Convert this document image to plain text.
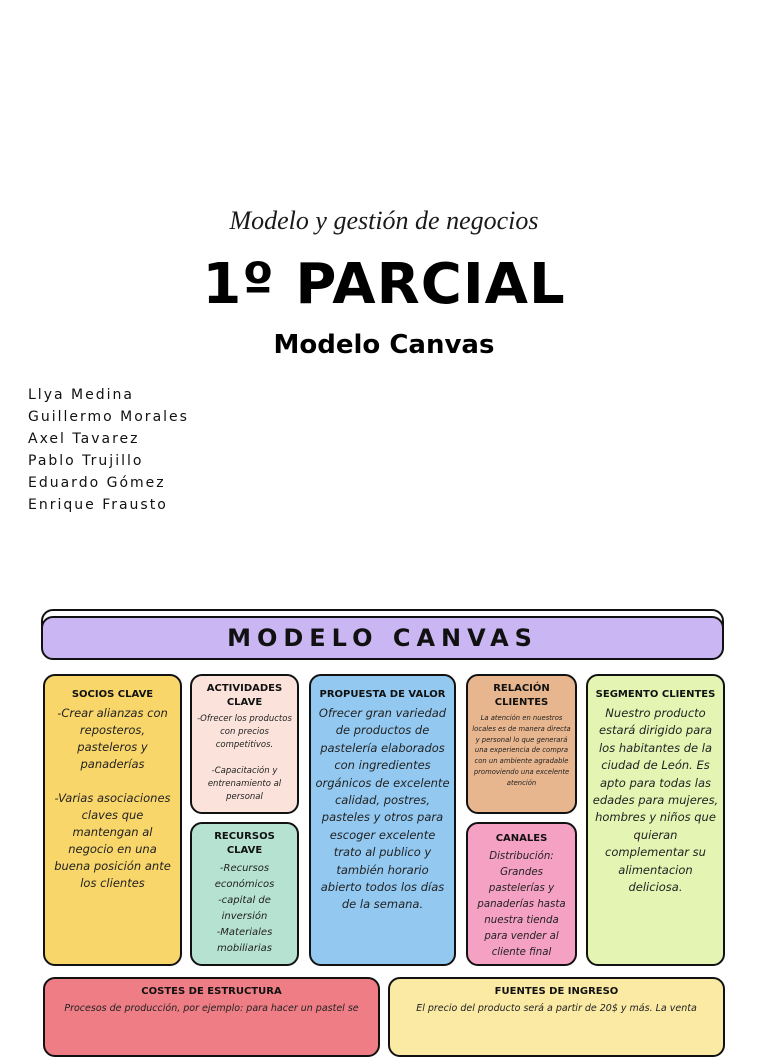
Modelo y gestión de negocios
1º PARCIAL
Modelo Canvas
Llya Medina
Guillermo Morales
Axel Tavarez
Pablo Trujillo
Eduardo Gómez
Enrique Frausto
MODELO CANVAS
SOCIOS CLAVE
-Crear alianzas con reposteros, pasteleros y panaderías

-Varias asociaciones claves que mantengan al negocio en una buena posición ante los clientes
ACTIVIDADES CLAVE
-Ofrecer los productos con precios competitivos.

-Capacitación y entrenamiento al personal
RECURSOS CLAVE
-Recursos económicos
-capital de inversión
-Materiales mobiliarias
PROPUESTA DE VALOR
Ofrecer gran variedad de productos de pastelería elaborados con ingredientes orgánicos de excelente calidad, postres, pasteles y otros para escoger excelente trato al publico y también horario abierto todos los días de la semana.
RELACIÓN CLIENTES
La atención en nuestros locales es de manera directa y personal lo que generará una experiencia de compra con un ambiente agradable promoviendo una excelente atención
CANALES
Distribución:
Grandes pastelerías y panaderías hasta nuestra tienda para vender al cliente final
SEGMENTO CLIENTES
Nuestro producto estará dirigido para los habitantes de la ciudad de León. Es apto para todas las edades para mujeres, hombres y niños que quieran complementar su alimentacion deliciosa.
COSTES DE ESTRUCTURA
Procesos de producción, por ejemplo: para hacer un pastel se
FUENTES DE INGRESO
El precio del producto será a partir de 20$ y más. La venta
